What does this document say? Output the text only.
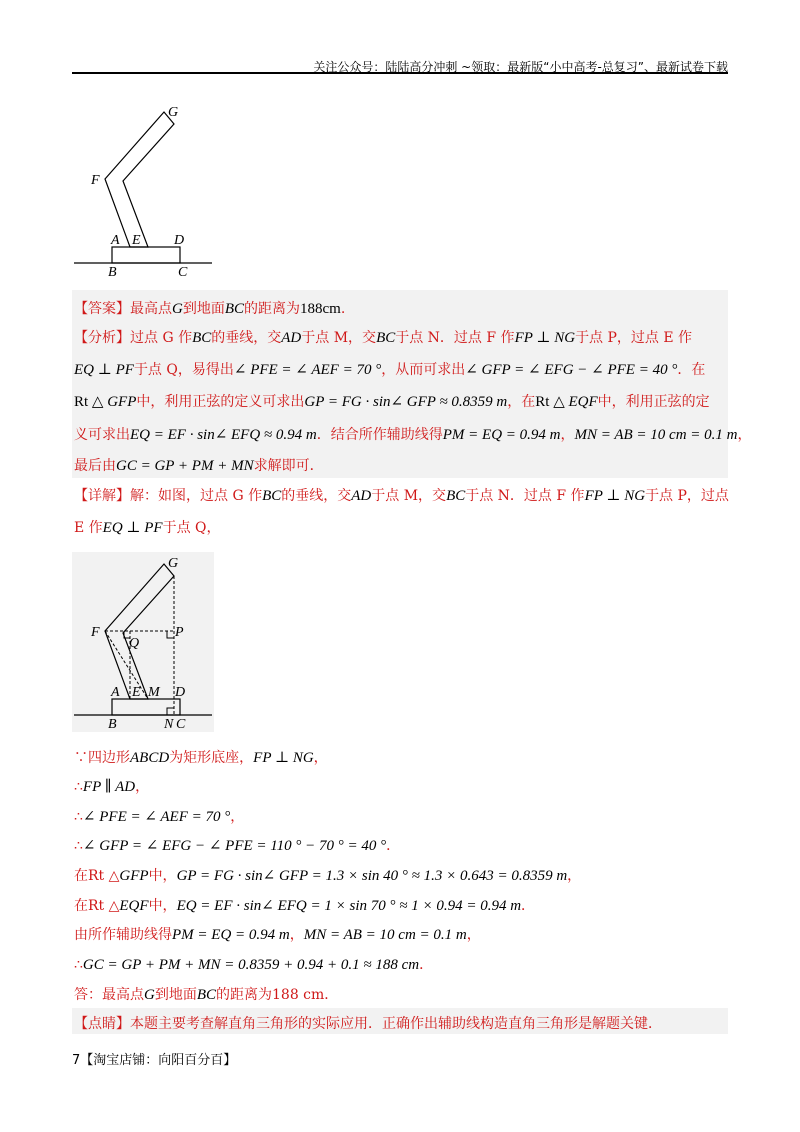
关注公众号：陆陆高分冲刺 ~领取：最新版“小中高考-总复习”、最新试卷下载
G
F
A E D
B	C
【答案】最高点G到地面BC的距离为188cm.
【分析】过点 G 作BC的垂线，交AD于点 M，交BC于点 N．过点 F 作FP ⊥ NG于点 P，过点 E 作
EQ ⊥ PF于点 Q，易得出∠ PFE = ∠ AEF = 70 °，从而可求出∠ GFP = ∠ EFG − ∠ PFE = 40 °．在
Rt △ GFP中，利用正弦的定义可求出GP = FG · sin∠ GFP ≈ 0.8359 m，在Rt △ EQF中，利用正弦的定
义可求出EQ = EF · sin∠ EFQ ≈ 0.94 m．结合所作辅助线得PM = EQ = 0.94 m，MN = AB = 10 cm = 0.1 m，
最后由GC = GP + PM + MN求解即可．
【详解】解：如图，过点 G 作BC的垂线，交AD于点 M，交BC于点 N．过点 F 作FP ⊥ NG于点 P，过点
E 作EQ ⊥ PF于点 Q，
G
F
Q
P
A E M D
B	N C
∵四边形ABCD为矩形底座，FP ⊥ NG，
∴FP ∥ AD，
∴∠ PFE = ∠ AEF = 70 °，
∴∠ GFP = ∠ EFG − ∠ PFE = 110 ° − 70 ° = 40 °．
在Rt △GFP中，GP = FG · sin∠ GFP = 1.3 × sin 40 ° ≈ 1.3 × 0.643 = 0.8359 m，
在Rt △EQF中，EQ = EF · sin∠ EFQ = 1 × sin 70 ° ≈ 1 × 0.94 = 0.94 m．
由所作辅助线得PM = EQ = 0.94 m，MN = AB = 10 cm = 0.1 m，
∴GC = GP + PM + MN = 0.8359 + 0.94 + 0.1 ≈ 188 cm．
答：最高点G到地面BC的距离为188 cm．
【点睛】本题主要考查解直角三角形的实际应用．正确作出辅助线构造直角三角形是解题关键．
7【淘宝店铺：向阳百分百】
